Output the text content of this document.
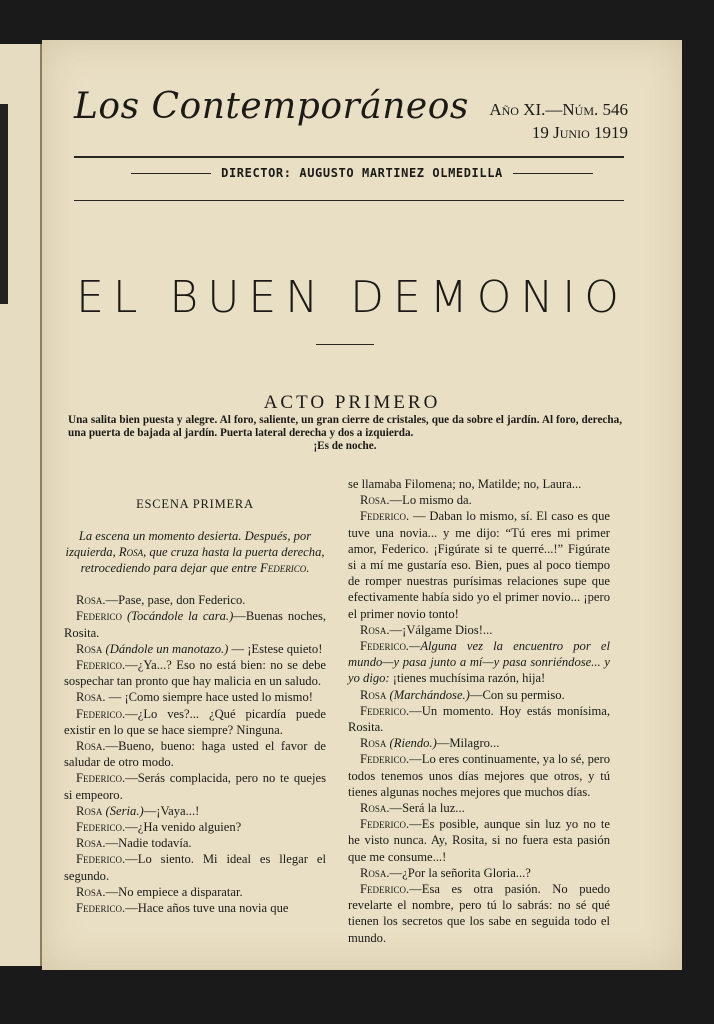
Los Contemporáneos Año XI.—Núm. 546
19 Junio 1919
DIRECTOR: AUGUSTO MARTINEZ OLMEDILLA
EL BUEN DEMONIO
ACTO PRIMERO
Una salita bien puesta y alegre. Al foro, saliente, un gran cierre de cristales, que da sobre el jardín. Al foro, derecha, una puerta de bajada al jardín. Puerta lateral derecha y dos a izquierda.
¡Es de noche.
ESCENA PRIMERA
La escena un momento desierta. Después, por izquierda, Rosa, que cruza hasta la puerta derecha, retrocediendo para dejar que entre Federico.

Rosa.—Pase, pase, don Federico.

Federico (Tocándole la cara.)—Buenas noches, Rosita.

Rosa (Dándole un manotazo.) — ¡Estese quieto!

Federico.—¿Ya...? Eso no está bien: no se debe sospechar tan pronto que hay malicia en un saludo.

Rosa. — ¡Como siempre hace usted lo mismo!

Federico.—¿Lo ves?... ¿Qué picardía puede existir en lo que se hace siempre? Ninguna.

Rosa.—Bueno, bueno: haga usted el favor de saludar de otro modo.

Federico.—Serás complacida, pero no te quejes si empeoro.

Rosa (Seria.)—¡Vaya...!

Federico.—¿Ha venido alguien?

Rosa.—Nadie todavía.

Federico.—Lo siento. Mi ideal es llegar el segundo.

Rosa.—No empiece a disparatar.

Federico.—Hace años tuve una novia que

se llamaba Filomena; no, Matilde; no, Laura...

Rosa.—Lo mismo da.

Federico. — Daban lo mismo, sí. El caso es que tuve una novia... y me dijo: “Tú eres mi primer amor, Federico. ¡Figúrate si te querré...!” Figúrate si a mí me gustaría eso. Bien, pues al poco tiempo de romper nuestras purísimas relaciones supe que efectivamente había sido yo el primer novio... ¡pero el primer novio tonto!

Rosa.—¡Válgame Dios!...

Federico.—Alguna vez la encuentro por el mundo—y pasa junto a mí—y pasa sonriéndose... y yo digo: ¡tienes muchísima razón, hija!

Rosa (Marchándose.)—Con su permiso.

Federico.—Un momento. Hoy estás monísima, Rosita.

Rosa (Riendo.)—Milagro...

Federico.—Lo eres continuamente, ya lo sé, pero todos tenemos unos días mejores que otros, y tú tienes algunas noches mejores que muchos días.

Rosa.—Será la luz...

Federico.—Es posible, aunque sin luz yo no te he visto nunca. Ay, Rosita, si no fuera esta pasión que me consume...!

Rosa.—¿Por la señorita Gloria...?

Federico.—Esa es otra pasión. No puedo revelarte el nombre, pero tú lo sabrás: no sé qué tienen los secretos que los sabe en seguida todo el mundo.
